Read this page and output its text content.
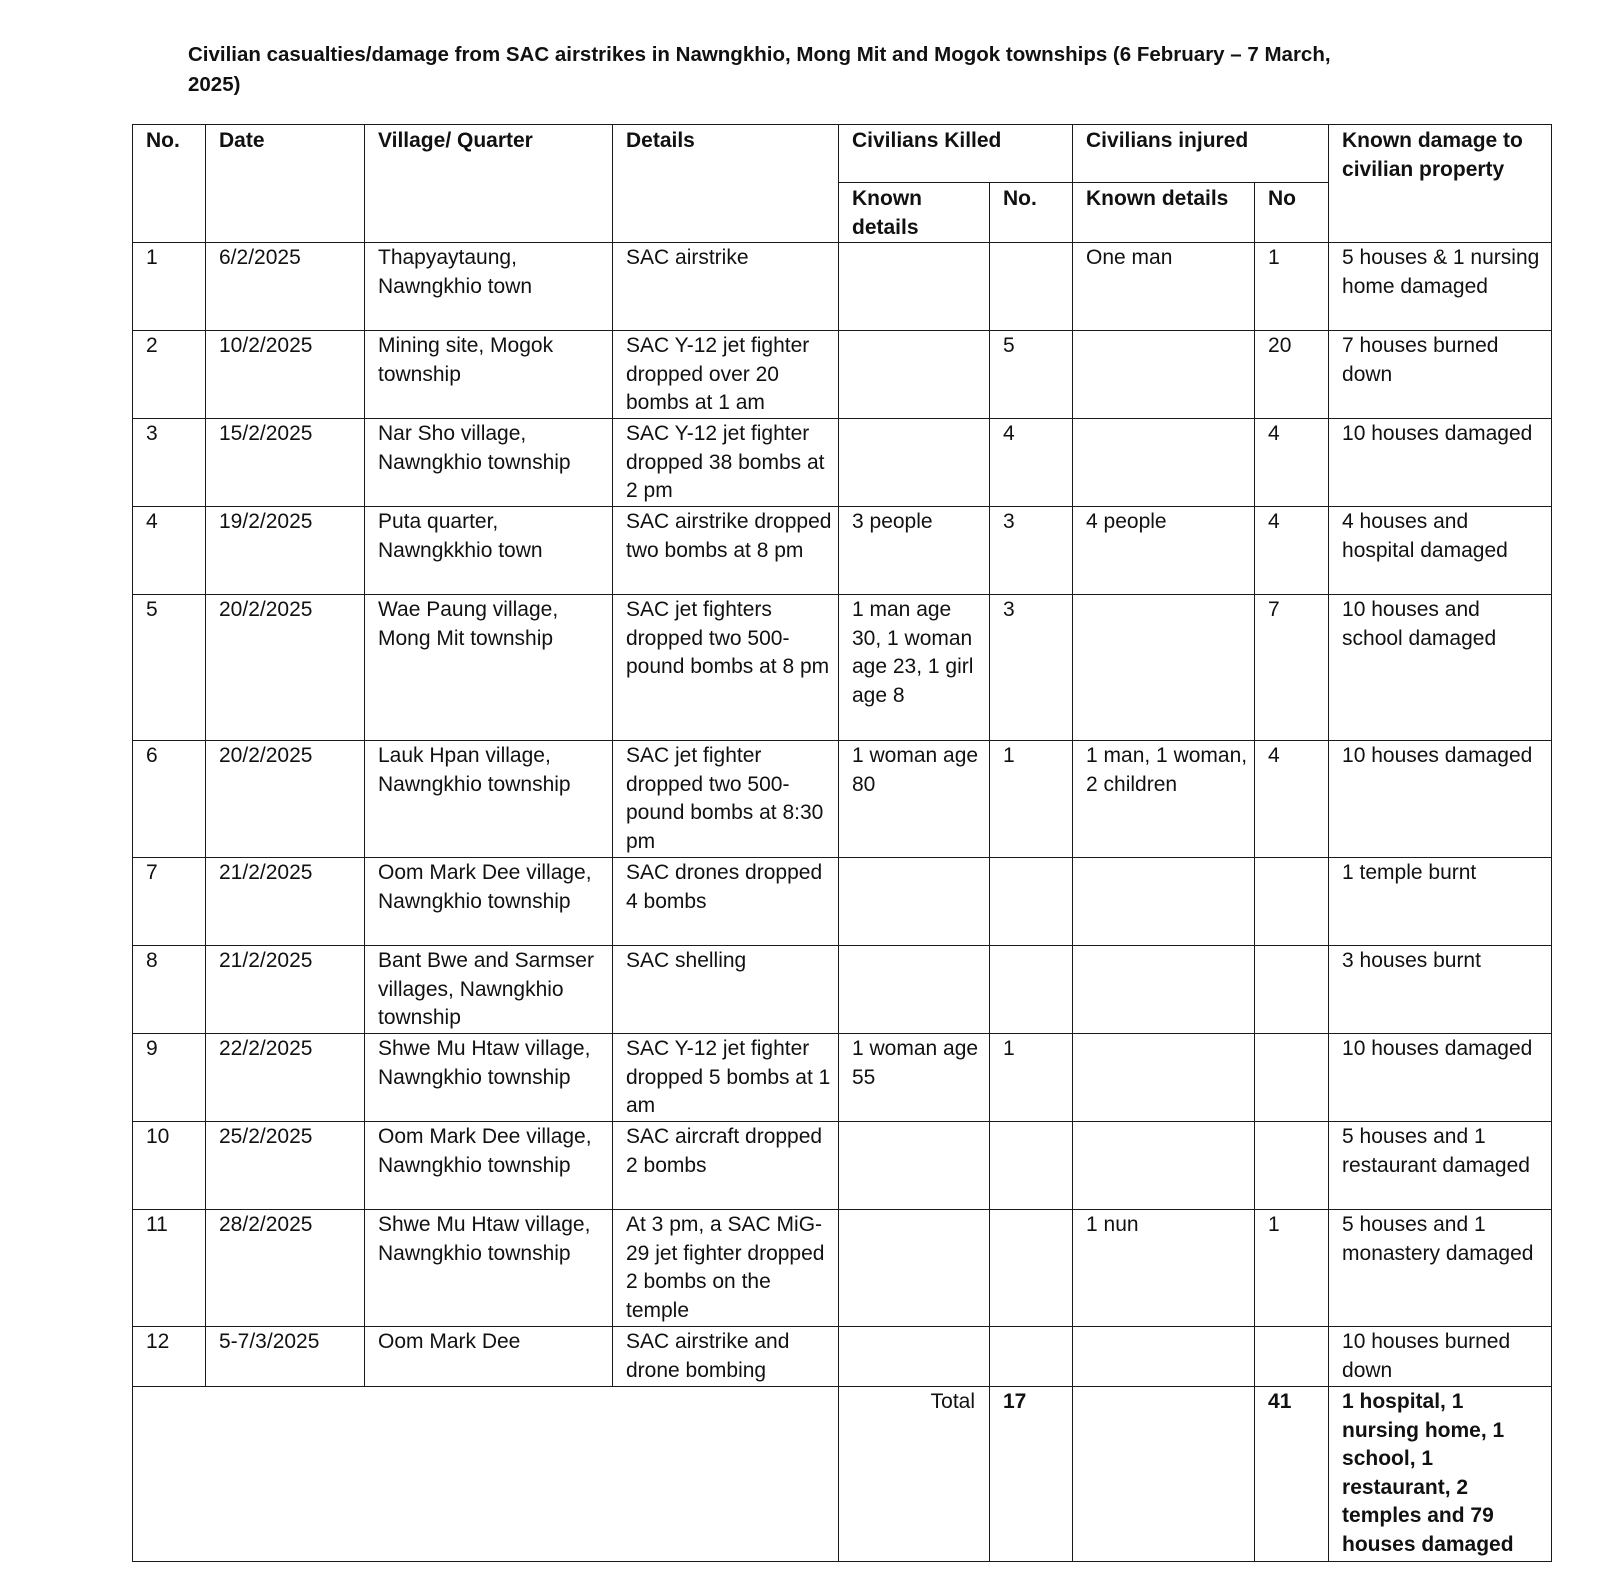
Civilian casualties/damage from SAC airstrikes in Nawngkhio, Mong Mit and Mogok townships (6 February – 7 March, 2025)
No.	Date	Village/ Quarter	Details	Civilians Killed		Civilians injured		Known damage to civilian property
				Known details	No.	Known details	No	
1	6/2/2025	Thapyaytaung, Nawngkhio town	SAC airstrike			One man	1	5 houses & 1 nursing home damaged
2	10/2/2025	Mining site, Mogok township	SAC Y-12 jet fighter dropped over 20 bombs at 1 am		5		20	7 houses burned down
3	15/2/2025	Nar Sho village, Nawngkhio township	SAC Y-12 jet fighter dropped 38 bombs at 2 pm		4		4	10 houses damaged
4	19/2/2025	Puta quarter, Nawngkkhio town	SAC airstrike dropped two bombs at 8 pm	3 people	3	4 people	4	4 houses and hospital damaged
5	20/2/2025	Wae Paung village, Mong Mit township	SAC jet fighters dropped two 500-pound bombs at 8 pm	1 man age 30, 1 woman age 23, 1 girl age 8	3		7	10 houses and school damaged
6	20/2/2025	Lauk Hpan village, Nawngkhio township	SAC jet fighter dropped two 500-pound bombs at 8:30 pm	1 woman age 80	1	1 man, 1 woman, 2 children	4	10 houses damaged
7	21/2/2025	Oom Mark Dee village, Nawngkhio township	SAC drones dropped 4 bombs					1 temple burnt
8	21/2/2025	Bant Bwe and Sarmser villages, Nawngkhio township	SAC shelling					3 houses burnt
9	22/2/2025	Shwe Mu Htaw village, Nawngkhio township	SAC Y-12 jet fighter dropped 5 bombs at 1 am	1 woman age 55	1			10 houses damaged
10	25/2/2025	Oom Mark Dee village, Nawngkhio township	SAC aircraft dropped 2 bombs					5 houses and 1 restaurant damaged
11	28/2/2025	Shwe Mu Htaw village, Nawngkhio township	At 3 pm, a SAC MiG-29 jet fighter dropped 2 bombs on the temple			1 nun	1	5 houses and 1 monastery damaged
12	5-7/3/2025	Oom Mark Dee	SAC airstrike and drone bombing					10 houses burned down
				Total	17		41	1 hospital, 1 nursing home, 1 school, 1 restaurant, 2 temples and 79 houses damaged
